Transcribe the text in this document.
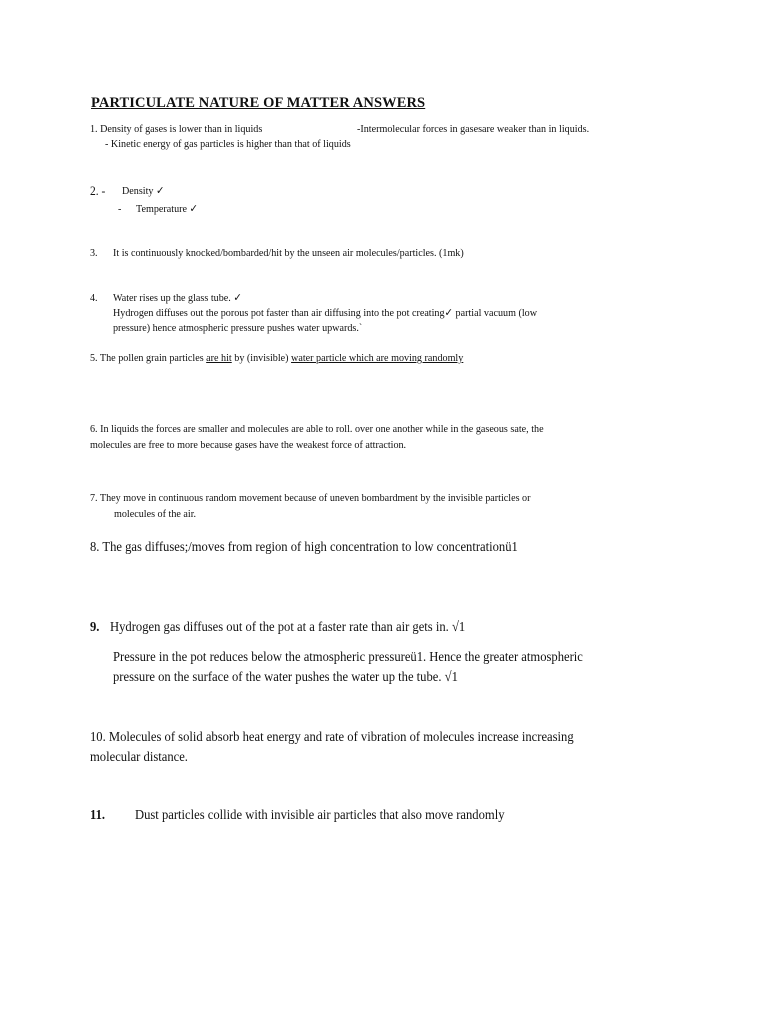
PARTICULATE NATURE OF MATTER ANSWERS
1. Density of gases is lower than in liquids	-Intermolecular forces in gasesare weaker than in liquids.
- Kinetic energy of gas particles is higher than that of liquids
2. - Density ✓
- Temperature ✓
3. It is continuously knocked/bombarded/hit by the unseen air molecules/particles. (1mk)
4. Water rises up the glass tube. ✓
Hydrogen diffuses out the porous pot faster than air diffusing into the pot creating✓ partial vacuum (low
pressure) hence atmospheric pressure pushes water upwards.`
5. The pollen grain particles are hit by (invisible) water particle which are moving randomly
6. In liquids the forces are smaller and molecules are able to roll. over one another while in the gaseous sate, the
molecules are free to more because gases have the weakest force of attraction.
7. They move in continuous random movement because of uneven bombardment by the invisible particles or
molecules of the air.
8. The gas diffuses;/moves from region of high concentration to low concentrationü1
9. Hydrogen gas diffuses out of the pot at a faster rate than air gets in. √1
Pressure in the pot reduces below the atmospheric pressureü1. Hence the greater atmospheric
pressure on the surface of the water pushes the water up the tube. √1
10. Molecules of solid absorb heat energy and rate of vibration of molecules increase increasing
molecular distance.
11. Dust particles collide with invisible air particles that also move randomly
